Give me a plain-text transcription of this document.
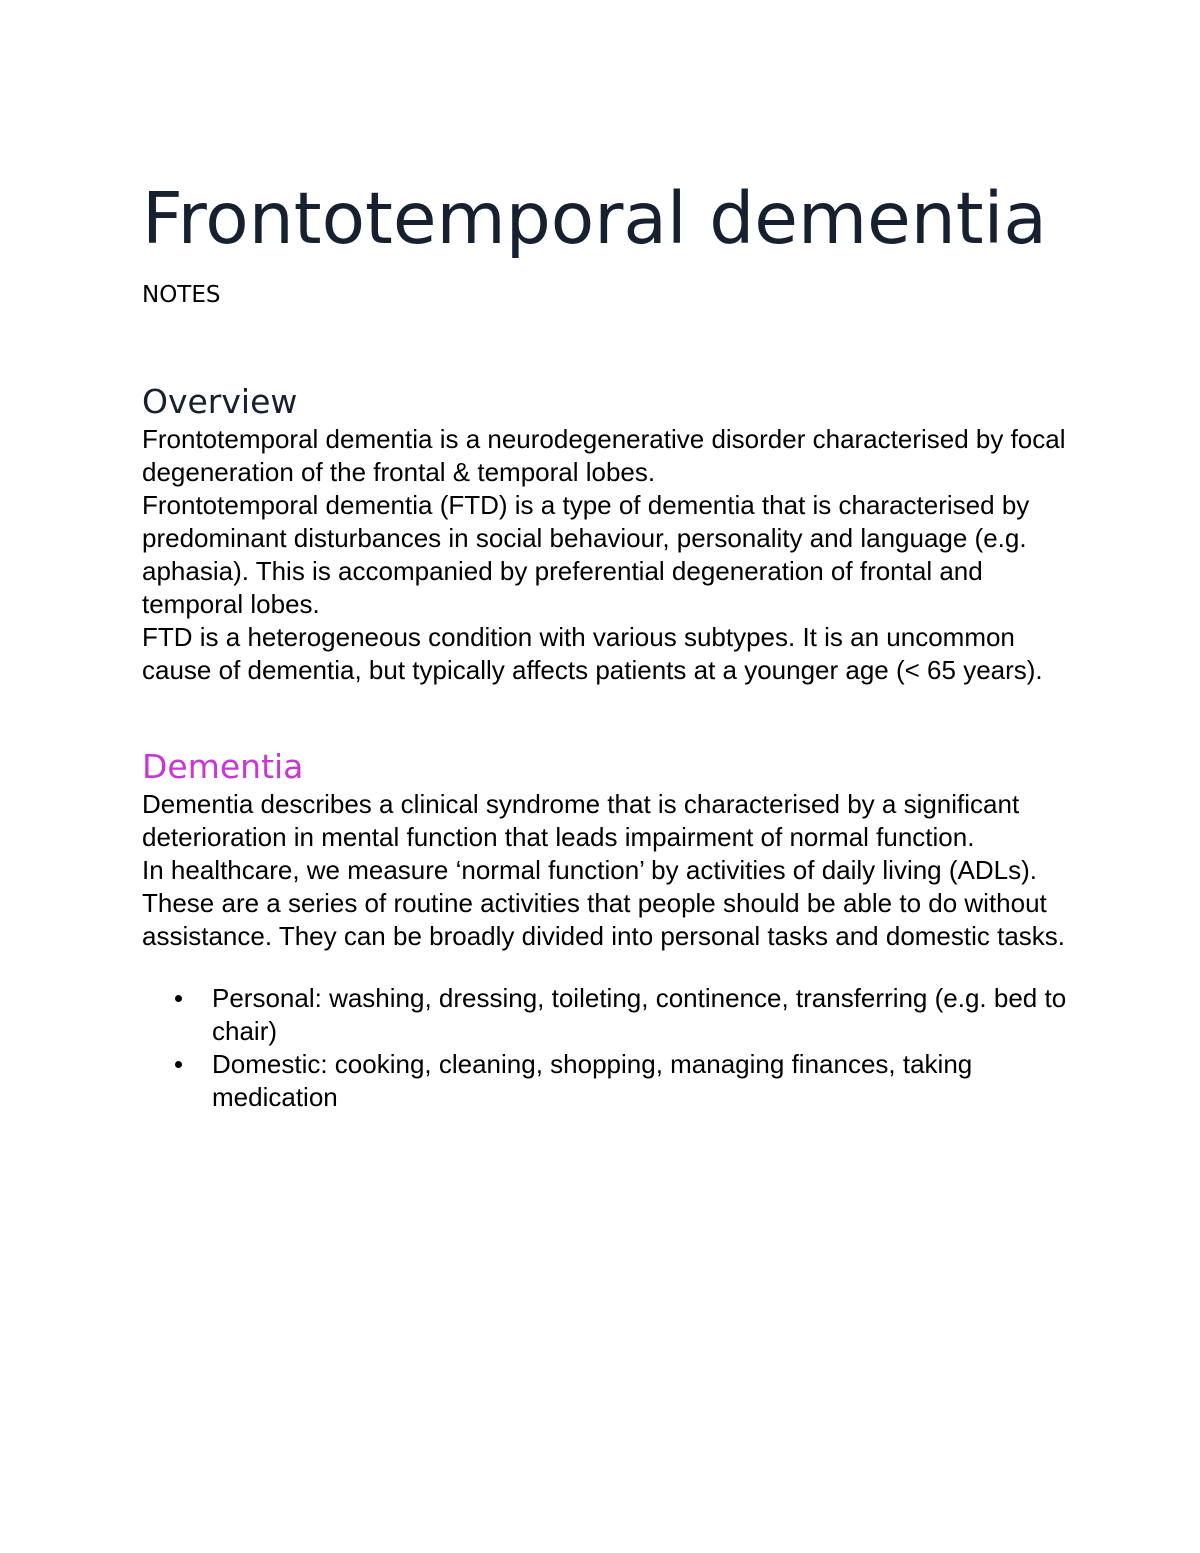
Frontotemporal dementia
NOTES
Overview

Frontotemporal dementia is a neurodegenerative disorder characterised by focal degeneration of the frontal & temporal lobes.

Frontotemporal dementia (FTD) is a type of dementia that is characterised by predominant disturbances in social behaviour, personality and language (e.g. aphasia). This is accompanied by preferential degeneration of frontal and temporal lobes.

FTD is a heterogeneous condition with various subtypes. It is an uncommon cause of dementia, but typically affects patients at a younger age (< 65 years).

Dementia

Dementia describes a clinical syndrome that is characterised by a significant deterioration in mental function that leads impairment of normal function.

In healthcare, we measure ‘normal function’ by activities of daily living (ADLs). These are a series of routine activities that people should be able to do without assistance. They can be broadly divided into personal tasks and domestic tasks.

Personal: washing, dressing, toileting, continence, transferring (e.g. bed to chair)
Domestic: cooking, cleaning, shopping, managing finances, taking medication
